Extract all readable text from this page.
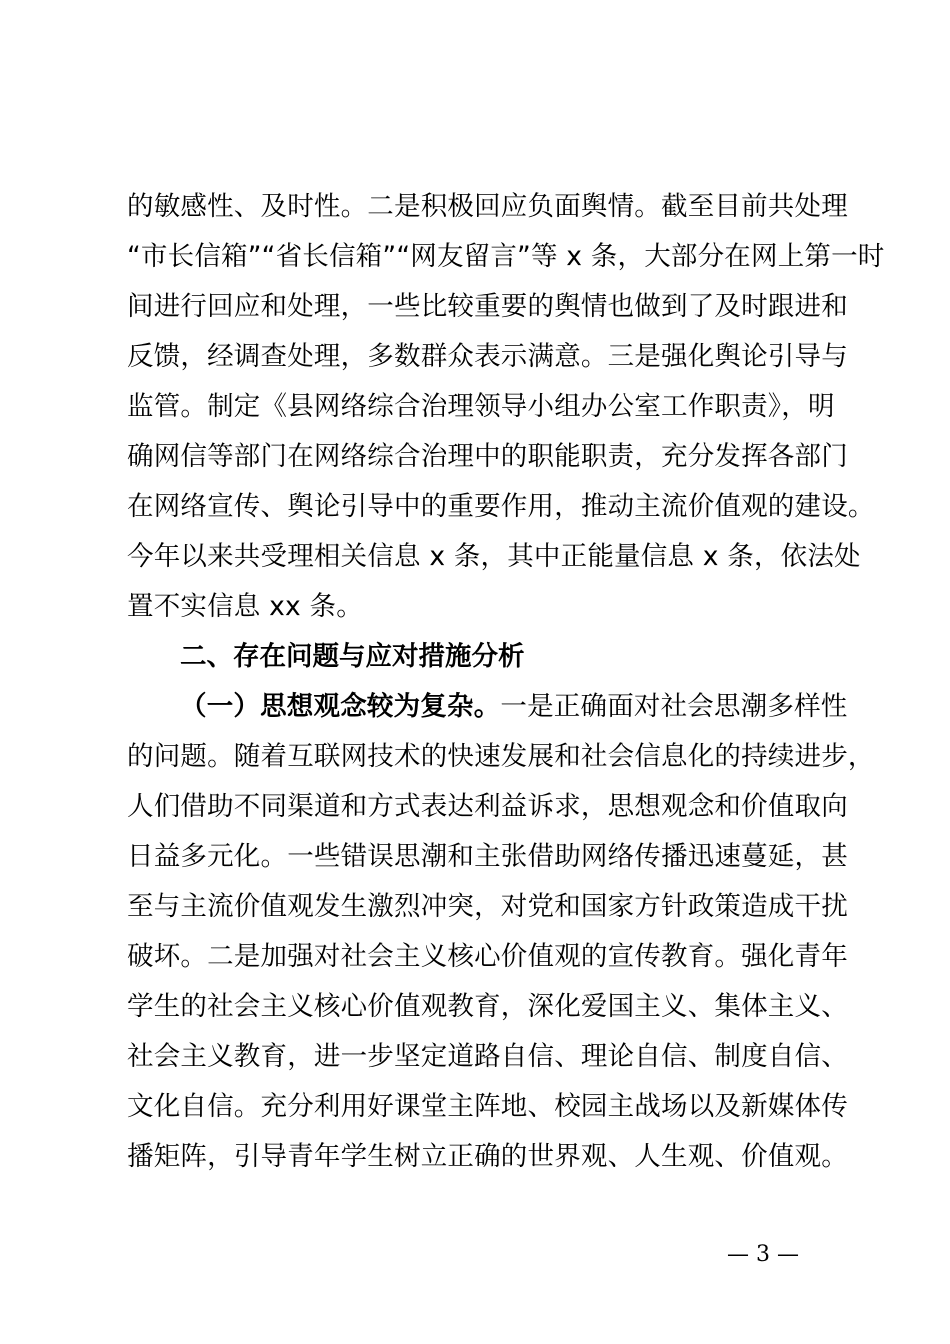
的敏感性、及时性。二是积极回应负面舆情。截至目前共处理
“市长信箱”“省长信箱”“网友留言”等 x 条，大部分在网上第一时
间进行回应和处理，一些比较重要的舆情也做到了及时跟进和
反馈，经调查处理，多数群众表示满意。三是强化舆论引导与
监管。制定《县网络综合治理领导小组办公室工作职责》，明
确网信等部门在网络综合治理中的职能职责，充分发挥各部门
在网络宣传、舆论引导中的重要作用，推动主流价值观的建设。
今年以来共受理相关信息 x 条，其中正能量信息 x 条，依法处
置不实信息 xx 条。

二、存在问题与应对措施分析

（一）思想观念较为复杂。一是正确面对社会思潮多样性
的问题。随着互联网技术的快速发展和社会信息化的持续进步，
人们借助不同渠道和方式表达利益诉求，思想观念和价值取向
日益多元化。一些错误思潮和主张借助网络传播迅速蔓延，甚
至与主流价值观发生激烈冲突，对党和国家方针政策造成干扰
破坏。二是加强对社会主义核心价值观的宣传教育。强化青年
学生的社会主义核心价值观教育，深化爱国主义、集体主义、
社会主义教育，进一步坚定道路自信、理论自信、制度自信、
文化自信。充分利用好课堂主阵地、校园主战场以及新媒体传
播矩阵，引导青年学生树立正确的世界观、人生观、价值观。

— 3 —
